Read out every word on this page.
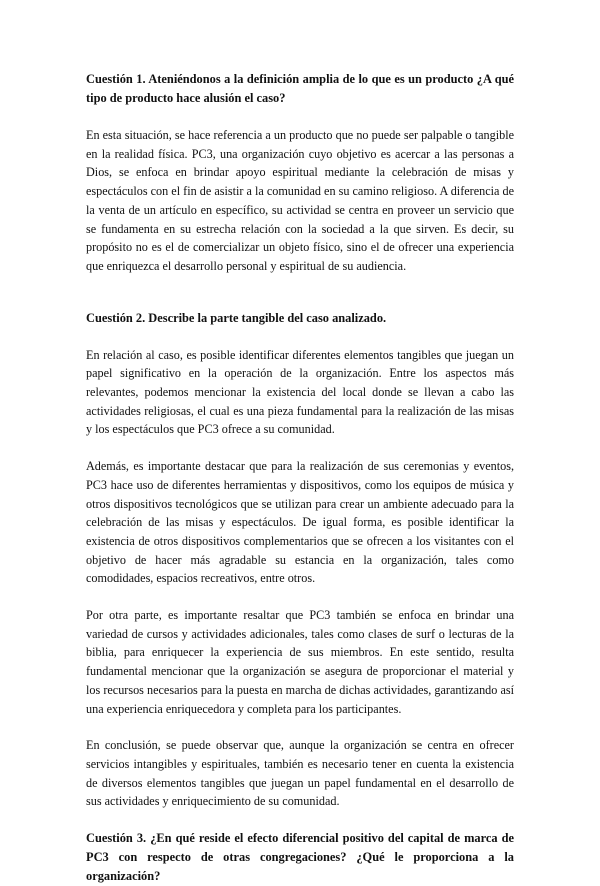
Cuestión 1. Ateniéndonos a la definición amplia de lo que es un producto ¿A qué tipo de producto hace alusión el caso?

En esta situación, se hace referencia a un producto que no puede ser palpable o tangible en la realidad física. PC3, una organización cuyo objetivo es acercar a las personas a Dios, se enfoca en brindar apoyo espiritual mediante la celebración de misas y espectáculos con el fin de asistir a la comunidad en su camino religioso. A diferencia de la venta de un artículo en específico, su actividad se centra en proveer un servicio que se fundamenta en su estrecha relación con la sociedad a la que sirven. Es decir, su propósito no es el de comercializar un objeto físico, sino el de ofrecer una experiencia que enriquezca el desarrollo personal y espiritual de su audiencia.

Cuestión 2. Describe la parte tangible del caso analizado.

En relación al caso, es posible identificar diferentes elementos tangibles que juegan un papel significativo en la operación de la organización. Entre los aspectos más relevantes, podemos mencionar la existencia del local donde se llevan a cabo las actividades religiosas, el cual es una pieza fundamental para la realización de las misas y los espectáculos que PC3 ofrece a su comunidad.

Además, es importante destacar que para la realización de sus ceremonias y eventos, PC3 hace uso de diferentes herramientas y dispositivos, como los equipos de música y otros dispositivos tecnológicos que se utilizan para crear un ambiente adecuado para la celebración de las misas y espectáculos. De igual forma, es posible identificar la existencia de otros dispositivos complementarios que se ofrecen a los visitantes con el objetivo de hacer más agradable su estancia en la organización, tales como comodidades, espacios recreativos, entre otros.

Por otra parte, es importante resaltar que PC3 también se enfoca en brindar una variedad de cursos y actividades adicionales, tales como clases de surf o lecturas de la biblia, para enriquecer la experiencia de sus miembros. En este sentido, resulta fundamental mencionar que la organización se asegura de proporcionar el material y los recursos necesarios para la puesta en marcha de dichas actividades, garantizando así una experiencia enriquecedora y completa para los participantes.

En conclusión, se puede observar que, aunque la organización se centra en ofrecer servicios intangibles y espirituales, también es necesario tener en cuenta la existencia de diversos elementos tangibles que juegan un papel fundamental en el desarrollo de sus actividades y enriquecimiento de su comunidad.

Cuestión 3. ¿En qué reside el efecto diferencial positivo del capital de marca de PC3 con respecto de otras congregaciones? ¿Qué le proporciona a la organización?
